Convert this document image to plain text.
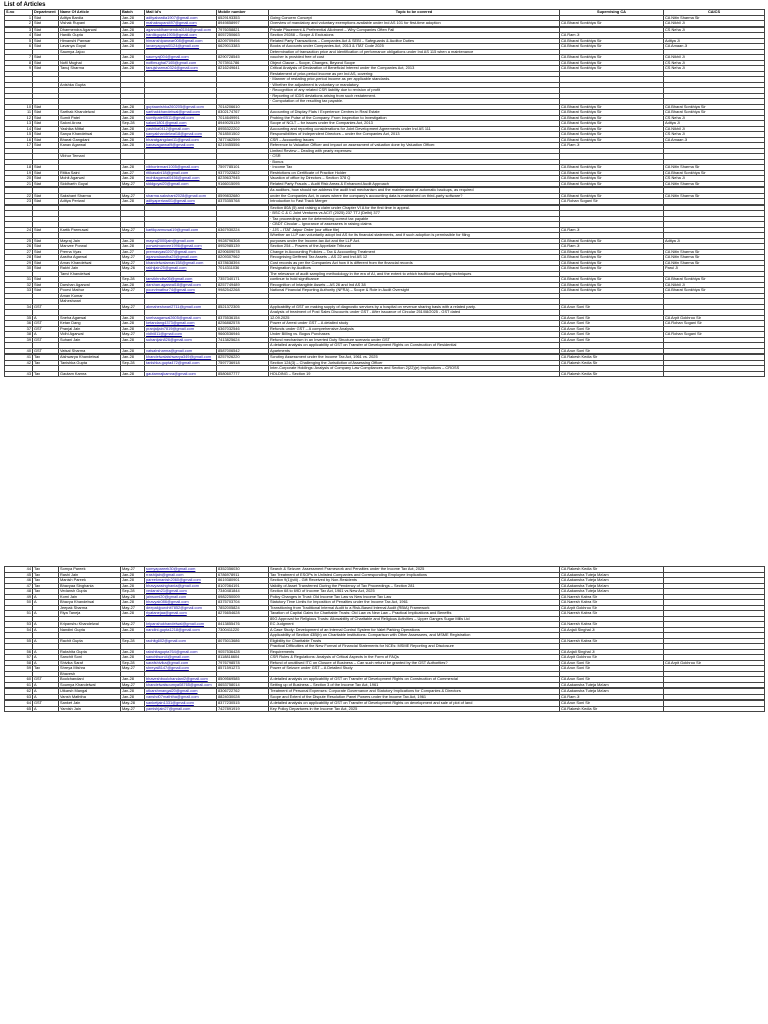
List of Articles
S.no	Department	Name Of Article	Batch	Mail Id's	Mobile number	Topic to be covered	Supervising CA	CAICS
1	Stat	Aditya Bardia	Jan-28	adityabardia1907@gmail.com	6529193353	Going Concern Concept		CA Nitin Sharma Sir
2	Stat	Vishak Rupani	Jan-28	mahakrupani497@gmail.com	8949858997	Overview of mandatory and voluntary exemptions available under Ind AS 101 for first-time adoption	CA Bharat Sonkhiya Sir	CA Nikhil Ji

3	Stat	Dharmendra Agarwal	Jan-28	agarwaldharmendra0104@gmail.com	7976058821	Private Placement & Preferential Allotment – Why Companies Often Fail		CS Neha Ji
4	Stat	Hardik Gupta	Jan-28	hardikgupta1905@gmail.com	8057250663	Section 29288 – Scope & Exclusions	CA Ram Ji	
5	Stat	Himanshi Panwar	Jan-28	himanshipanwar008@gmail.com	8209709494	Related Party Transactions – Companies Act & SEBI – Safeguards & Auditor Duties	CA Bharat Sonkhiya Sir	Aditya Ji
6	Stat	Lavanya Goyal	Jan-28	lavanyagoyal0124@gmail.com	6629013383	Books of Accounts under Companies Act, 2013 & ITAT Code 2025	CA Bharat Sonkhiya Sir	CA Amaan Ji
		Saumya Jajoo				Determination of transaction price and identification of performance obligations under Ind AS 115 when a maintenance		
7	Stat		Jan-28	saumyaj004@gmail.com	8290728545	voucher is provided free of cost	CA Bharat Sonkhiya Sir	CA Nikhil Ji
8	Stat	Nofil Mughal	Jan-28	nofilmughal7165@gmail.com	7073911786	Object Clause – Scope, Changes, Beyond Scope	CA Bharat Sonkhiya Sir	CS Neha Ji
9	Stat	Tanuj Sharma	Jan-28	tanujsharma0324@gmail.com	8216249641	Critical Analysis of Declaration of Beneficial Interest under the Companies Act, 2013	CA Bharat Sonkhiya Sir	CS Neha Ji
						Restatement of prior-period income as per Ind AS, covering:		
						· Manner of restating prior-period income as per applicable standards.		
		Anishka Gupta				· Whether the adjustment is voluntary or mandatory.		
						· Recognition of any related CSR liability due to revision of profit		
						· Reporting of ICDS deviations arising from such restatement.		
						· Computation of the resulting tax payable.		
10	Stat		Jan-28	guptaanishka260205@gmail.com	7014206610		CA Bharat Sonkhiya Sir	CA Bharat Sonkhiya Sir
11	Stat	Sarthak Khandelwal	Jan-28	sarthakkhandelwal@gmail.com	8302174767	Accounting of Display Flats / Experience Centres in Real Estate	CA Bharat Sonkhiya Sir	CA Bharat Sonkhiya Sir
12	Stat	Sumit Patel	Jan-28	sumitpatel0511@gmail.com	7014649991	Probing the Pulse of the Company: From Inspection to Investigation	CA Bharat Sonkhiya Sir	CS Neha Ji
13	Stat	Saloni Arora	Sep-28	saloni1801@gmail.com	8949025139	Scope of NCLT – for issues under the Companies Act, 2013	CA Bharat Sonkhiya Sir	Aditya Ji
14	Stat	Yashika Mittal	Jan-28	yashika0412@gmail.com	8955322202	Accounting and reporting considerations for Joint Development Agreements under Ind AS 111	CA Bharat Sonkhiya Sir	CA Nikhil Ji
15	Stat	Sanya Khandelwal	Jan-28	sanyakhandelwal18@gmail.com	7618501502	Responsibilities of Independent Directors – under the Companies Act, 2013	CA Bharat Sonkhiya Sir	CS Neha Ji
16	Stat	Bharat Gangdani	Jan-28	bharatgangdani11@gmail.com	7877462599	CSR – Accounting Issues	CA Bharat Sonkhiya Sir	CA Amaan Ji
17	Stat	Kanav Agarwal	Jan-28	kanavagarwal9@gmail.com	6219455556	Reference to Valuation Officer and impact on assessment of valuation done by Valuation Officer.	CA Ram Ji	
						Limited Review – Dealing with yearly expenses:		
		Vibhor Temani				· CSR		
						· Bonus		
18	Stat		Jan-28	vibhortemani1005@gmail.com	7597785101	· Income Tax	CA Bharat Sonkhiya Sir	CA Nitin Sharma Sir
19	Stat	Ritika Saini	Jan-27	ritikasaini18@gmail.com	9377022822	Restrictions on Certificate of Practice Holder	CA Bharat Sonkhiya Sir	CA Bharat Sonkhiya Sir
20	Stat	Mohit Agarwal	Jan-28	mohitagarwal0456@gmail.com	8239637945	Vacation of office by Directors – Section 378 Q	CA Bharat Sonkhiya Sir	CS Neha Ji
21	Stat	Siddharth Goyal	May-27	siddgoyal20@gmail.com	9166015095	Related Party Frauds – Audit Risk Areas & Enhanced Audit Approach	CA Bharat Sonkhiya Sir	CA Nitin Sharma Sir

						As auditors, how should we address the audit trail mechanism and the maintenance of automatic backups, as required		
22	Stat	Sakshant Sharma	May-27	sharma.sakshant2028@gmail.com	8599832680	under the Companies Act, in cases where the company's accounting data is maintained on third-party software?	CA Bharat Sonkhiya Sir	CA Nitin Sharma Sir
23	Stat	Aditya Periwal	Jan-28	adityaperiwal01@gmail.com	8375355768	Introduction to Fast Track Merger	CA Rohan Sogani Sir	

						Section 80A (5) and raising a claim under Chapter VI A for the first time in appeal.		
						· BSC C & C Joint Ventures vs ACIT (2025) 237 TTJ (Delhi) 377		
						· Tax proceedings are for determining correct tax payable		
						· CBDT Circular – Ignorance of assessees in raising claims		
24	Stat	Kartik Parmuwal	May-27	kartikparmuwal19@gmail.com	6367930224	· JJS – ITAT Jaipur Order (our office file)	CA Ram Ji	
						Whether an LLP can voluntarily adopt Ind AS for its financial statements, and if such adoption is permissible for filing		
25	Stat	Mayraj Jain	Jan-28	mayraj2000jain@gmail.com	9928796308	purposes under the Income-tax Act and the LLP Act.	CA Bharat Sonkhiya Sir	Aditya Ji
26	Stat	Manvee Porwal	Jan-28	porwalmanvee1996@gmail.com	8952985139	Section 254 – Powers of the Appellate Tribunal	CA Ram Ji	
27	Stat	Prerna Vyas	Jan-27	prernavyas0207@gmail.com	8290609078	Change in Accounting Policies – Tax & Accounting Treatment	CA Bharat Sonkhiya Sir	CA Nitin Sharma Sir
28	Stat	Aastha Agarwal	May-27	agarwalaastha25@gmail.com	8209307962	Recognising Deffered Tax Assets – AS 22 and Ind AS 12	CA Bharat Sonkhiya Sir	CA Nitin Sharma Sir
29	Stat	Arnav Khandelwal	May-27	khandelwalarnav158@gmail.com	6378638394	Cost records as per the Companies Act how it is different from the financial records	CA Bharat Sonkhiya Sir	CA Nitin Sharma Sir
30	Stat	Rakhi Jain	May-26	rakhijain25@gmail.com	7014311036	Resignation by Auditors	CA Bharat Sonkhiya Sir	Parul Ji
		Tanvi Khandelwal				The relevance of audit sampling methodology in the era of AI, and the extent to which traditional sampling techniques		
31	Stat		Sep-28	tanvikhndlw05@gmail.com	7357340171	continue to hold significance	CA Bharat Sonkhiya Sir	CA Bharat Sonkhiya Sir
32	Stat	Darshan Agarwal	Jan-28	darshan.agarwal18@gmail.com	8257749489	Recognition of Intangible Assets – AS 26 and Ind AS 38	CA Bharat Sonkhiya Sir	CA Nikhil Ji
33	Stat	Poorvi Mathur	May-27	poorvimathur74@gmail.com	9982542268	National Financial Reporting Authority (NFRA) – Scope & Role in Audit Oversight	CA Bharat Sonkhiya Sir	CA Bharat Sonkhiya Sir
		Aman Kumar						
		Maheshwari						
34	GST		May-27	akmaheshwari2711@gmail.com	8521372305	Applicability of GST on making supply of diagnostic services by a hospital on revenue sharing basis with a related party.	CA Arun Soni Sir	
						Analysis of treatment of Post Sales Discounts under GST - After issuance of Circular 251/08/2025 - GST dated		
35	A	Sneha Agarwal	Jan-28	snehaagarwal2605@gmail.com	8375536154	12.09.2025	CA Arun Soni Sir	CA Arpit Gokhroo Sir
36	GST	Ketan Dang	Jan-28	ketandang4373@gmail.com	8256882578	Power of Arrest under GST – A detailed study	CA Arun Soni Sir	CA Rohan Sogani Sir
37	GST	Pranjal Jain	Jan-28	pranjaljain7819@gmail.com	6367032546	Refunds under GST – A comprehensive Analysis	CA Arun Soni Sir	
38	A	Vidhi Agarwal	May-27	vidhi811@gmail.com	9660536946	Under Billing vs. Bogus Purchases	CA Arun Soni Sir	CA Rohan Sogani Sir
39	GST	Suhani Jain	Jan-28	suhanijain826@gmail.com	7413825624	Refund mechanism in an Inverted Duty Structure scenario under GST	CA Arun Soni Sir	
						A detailed analysis on applicability of GST on Transfer of Development Rights on Construction of Residential		
40	GST	Vatsal Sharma	Jan-28	vatsalrsharma@gmail.com	8587006542	Apartments	CA Arun Soni Sir	

41	Tax	Aishwarya Khandelwal	Jan-28	khandelwalaishwarya349@gmail.com	8257926220	Scrutiny Assessment under the Income Tax Act, 1961 vs. 2025	CA Rakesh Kedia Sir	
42	Tax	Tanishka Gupta	Sep-28	tanishka.gupta472@gmail.com	7597736918	Section 124(3) – Challenging the Jurisdiction of Assessing Officer	CA Rakesh Kedia Sir	
						Inter-Corporate Holdings: Analysis of Company Law Compliances and Section 2(22)(e) Implications – CROSS		
43	Tax	Gautam Kamra	Jan-28	gautamrajkamra@gmail.com	8580607777	HOLDING – Section 19	CA Rakesh Kedia Sir	
44	Tax	Somya Pareek	May-27	somyapareek30@gmail.com	8352356030	Search & Seizure: Assessment Framework and Penalties under the Income Tax Act, 2025	CA Rakesh Kedia Sir	
45	Tax	Rashi Jain	Jan-28	rrashijain@gmail.com	6786978911	Tax Treatment of ESOPs in Unlisted Companies and Corresponding Employee Implications	CA Aakansha Tuteja Ma'am	
46	Tax	Manish Pareek	Jan-28	pareekmanish2060@gmail.com	8619380901	Section 9(1)(viii) - Gift Received by Non-Residents	CA Aakansha Tuteja Ma'am	
47	Tax	Bhavyaa Singhania	Jan-28	bhavyaasinghania@gmail.com	8107064191	Validity of Asset Transferred During the Pendency of Tax Proceedings – Section 281	CA Aakansha Tuteja Ma'am	
48	Tax	Vedansh Gupta	Sep-28	vedansh21@gmail.com	7340481844	Section 68 to 69D of Income Tax Act, 1961 vs New Act, 2025	CA Aakansha Tuteja Ma'am	
49	A	Komi Jain	May-28	jainsomi20@gmail.com	6982250009	Policy Changes in Trust: Old Income Tax Law vs New Income Tax Law	CA Naresh Kabra Sir	
50	A	Bhavya Khandelwal	Jan-28	bhavyak086@gmail.com	8375703704	Statutory Time Limits for Imposition of Penalties under the Income Tax Act, 1961	CA Naresh Kabra Sir	
		Jeepak Sharma	May-27	deepakjpurohit7852@gmail.com	7852005824	Transitioning from Traditional Internal Audit to a Risk-Based Internal Audit (RBIA) Framework	CA Arpit Gokhroo Sir	
51	A	Riya Taneja	Jan-28	riyatanejaa@gmail.com	8276654628	Taxation of Capital Gains for Charitable Trusts: Old Law vs New Law – Practical Implications and Benefits	CA Naresh Kabra Sir	
						80G Approval for Religious Trusts: Allowability of Charitable and Religious Activities – Upper Ganges Sugar Mills Ltd		
53	A	Kripanshu Khandelwal	May-27	kripanshukhandelwal@gmail.com	8413855476	EC Judgment	CA Naresh Kabra Sir	
54	A	Nandini Gupta	Jan-28	nandini.gupta1218@gmail.com	7300411220	A Case Study: Development of an Internal Control System for Valet Parking Operations	CA Anjali Singhal Ji	
						Applicability of Section 43B(h) on Charitable Institutions: Comparison with Other Assessees, and MSME Registration		
55	A	Rachit Gupta	Sep-28	rachitg602@gmail.com	8075013686	Eligibility for Charitable Trusts	CA Naresh Kabra Sir	
						Practical Difficulties of the New Format of Financial Statements for NCEs: MSME Reporting and Disclosure		
56	A	Rakshita Gupta	Jan-28	rakshitagupta764@gmail.com	9057536428	Requirements	CA Anjali Singhal Ji	
57	A	Sanchit Soni	Jan-28	sanchitsoni4@gmail.com	8118816604	CSR Rules & Regulations: Analysis of Critical Aspects in the Form of FAQs	CA Arpit Gokhroo Sir	
58	A	Shivika Saraf	Sep-28	sarafshivika@gmail.com	7976798578	Refund of unutilised ITC on Closure of Business – Can such refund be granted by the GST Authorities?	CA Arun Soni Sir	CA Arpit Gokhroo Sir
59	Tax	Shreya Mishra	May-27	shreyal8147@gmail.com	8571591273	Power of Seizure under GST – A Detailed Study	CA Arun Soni Sir	
		Bhavesh						
60	GST	Boolchandani	Jan-28	bhaveshboolchandani2@gmail.com	8509569585	A detailed analysis on applicability of GST on Transfer of Development Rights on Construction of Commercial	CA Arun Soni Sir	
61	A	Soumya Khandelwal	May-27	khandelwalsoumya08765@gmail.com	8653758014	Setting up of Business – Section 3 of the Income Tax Act, 1961	CA Aakansha Tuteja Ma'am	

62	A	Utkarsh Mangal	Jan-28	utkarshmangal20@gmail.com	8306722762	Treatment of Personal Expenses: Corporate Governance and Statutory Implications for Companies & Directors	CA Aakansha Tuteja Ma'am	
63	A	Vansh Maththa	Jan-28	vanshd07maththa@gmail.com	8824030028	Scope and Extent of the Dispute Resolution Panel Powers under the Income Tax Act, 1961	CA Ram Ji	

64	GST	Sanket Jain	May-28	sanketjain1331@gmail.com	8377230515	A detailed analysis on applicability of GST on Transfer of Development Rights on development and sale of plot of land	CA Arun Soni Sir	
65	A	Yamish Jain	May-27	yamishjain27@gmail.com	7427891919	Key Policy Departures in the Income Tax Act, 2025	CA Rakesh Kedia Sir	
